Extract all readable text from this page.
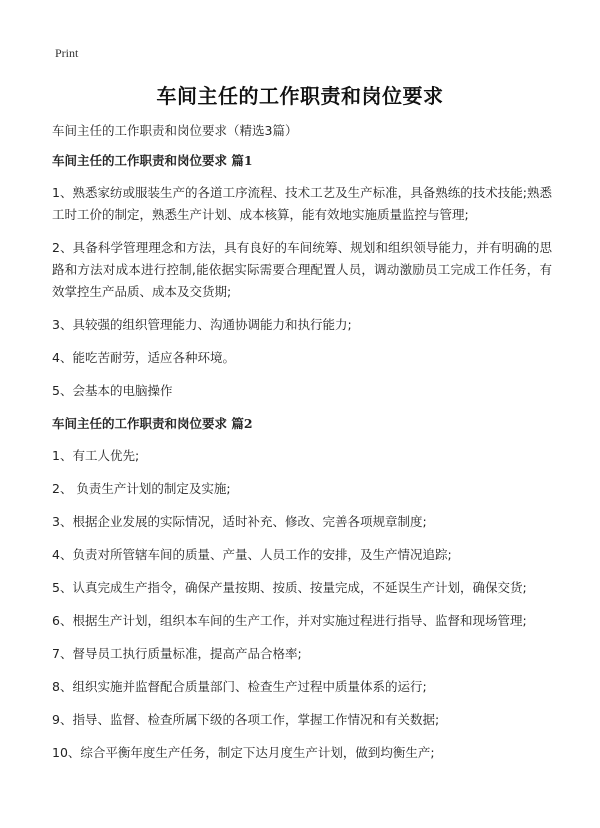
Print
车间主任的工作职责和岗位要求

车间主任的工作职责和岗位要求（精选3篇）

车间主任的工作职责和岗位要求 篇1

1、熟悉家纺或服装生产的各道工序流程、技术工艺及生产标准，具备熟练的技术技能;熟悉工时工价的制定，熟悉生产计划、成本核算，能有效地实施质量监控与管理;

2、具备科学管理理念和方法，具有良好的车间统筹、规划和组织领导能力，并有明确的思路和方法对成本进行控制,能依据实际需要合理配置人员，调动激励员工完成工作任务，有效掌控生产品质、成本及交货期;

3、具较强的组织管理能力、沟通协调能力和执行能力;

4、能吃苦耐劳，适应各种环境。

5、会基本的电脑操作

车间主任的工作职责和岗位要求 篇2

1、有工人优先;

2、 负责生产计划的制定及实施;

3、根据企业发展的实际情况，适时补充、修改、完善各项规章制度;

4、负责对所管辖车间的质量、产量、人员工作的安排，及生产情况追踪;

5、认真完成生产指令，确保产量按期、按质、按量完成，不延误生产计划，确保交货;

6、根据生产计划，组织本车间的生产工作，并对实施过程进行指导、监督和现场管理;

7、督导员工执行质量标准，提高产品合格率;

8、组织实施并监督配合质量部门、检查生产过程中质量体系的运行;

9、指导、监督、检查所属下级的各项工作，掌握工作情况和有关数据;

10、综合平衡年度生产任务，制定下达月度生产计划，做到均衡生产;
